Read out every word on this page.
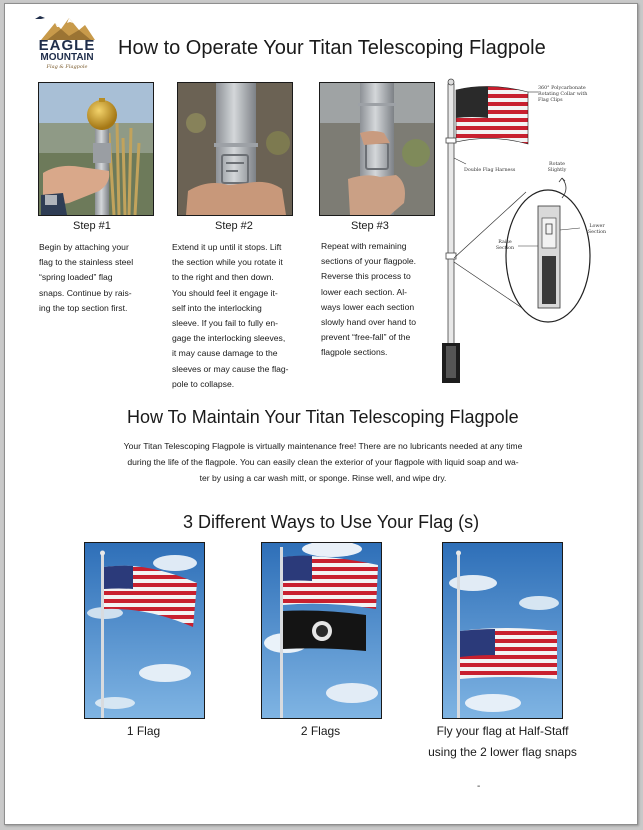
EAGLE
MOUNTAIN
Flag & Flagpole
How to Operate Your Titan Telescoping Flagpole
Step #1
Begin by attaching your
flag to the stainless steel
“spring loaded” flag
snaps. Continue by rais-
ing the top section first.
Step #2
Extend it up until it stops. Lift
the section while you rotate it
to the right and then down.
You should feel it engage it-
self into the interlocking
sleeve. If you fail to fully en-
gage the interlocking sleeves,
it may cause damage to the
sleeves or may cause the flag-
pole to collapse.
Step #3
Repeat with remaining
sections of your flagpole.
Reverse this process to
lower each section. Al-
ways lower each section
slowly hand over hand to
prevent “free-fall” of the
flagpole sections.
360° Polycarbonate
Rotating Collar with
Flag Clips
Double Flag Harness
Rotate
Slightly
Raise
Section
Lower
Section
How To Maintain Your Titan Telescoping Flagpole
Your Titan Telescoping Flagpole is virtually maintenance free! There are no lubricants needed at any time
during the life of the flagpole. You can easily clean the exterior of your flagpole with liquid soap and wa-
ter by using a car wash mitt, or sponge. Rinse well, and wipe dry.
3 Different Ways to Use Your Flag (s)
1 Flag	2 Flags	Fly your flag at Half-Staff
using the 2 lower flag snaps
-
